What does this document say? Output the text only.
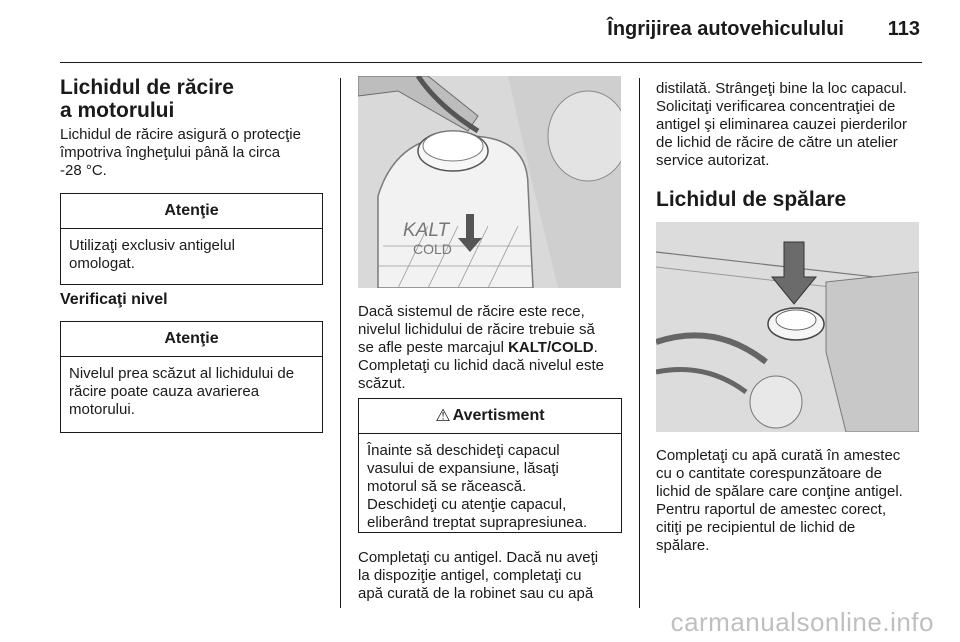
Îngrijirea autovehiculului 113
Lichidul de răcire
a motorului
Lichidul de răcire asigură o protecţie
împotriva îngheţului până la circa
-28 °C.
Atenţie
Utilizaţi exclusiv antigelul
omologat.
Verificaţi nivel
Atenţie
Nivelul prea scăzut al lichidului de
răcire poate cauza avarierea
motorului.
KALT
COLD
Dacă sistemul de răcire este rece,
nivelul lichidului de răcire trebuie să
se afle peste marcajul KALT/COLD.
Completaţi cu lichid dacă nivelul este
scăzut.
⚠ Avertisment
Înainte să deschideţi capacul
vasului de expansiune, lăsaţi
motorul să se răcească.
Deschideţi cu atenţie capacul,
eliberând treptat suprapresiunea.
Completaţi cu antigel. Dacă nu aveţi
la dispoziţie antigel, completaţi cu
apă curată de la robinet sau cu apă
distilată. Strângeţi bine la loc capacul.
Solicitaţi verificarea concentraţiei de
antigel şi eliminarea cauzei pierderilor
de lichid de răcire de către un atelier
service autorizat.
Lichidul de spălare
Completaţi cu apă curată în amestec
cu o cantitate corespunzătoare de
lichid de spălare care conţine antigel.
Pentru raportul de amestec corect,
citiţi pe recipientul de lichid de
spălare.
carmanualsonline.info
